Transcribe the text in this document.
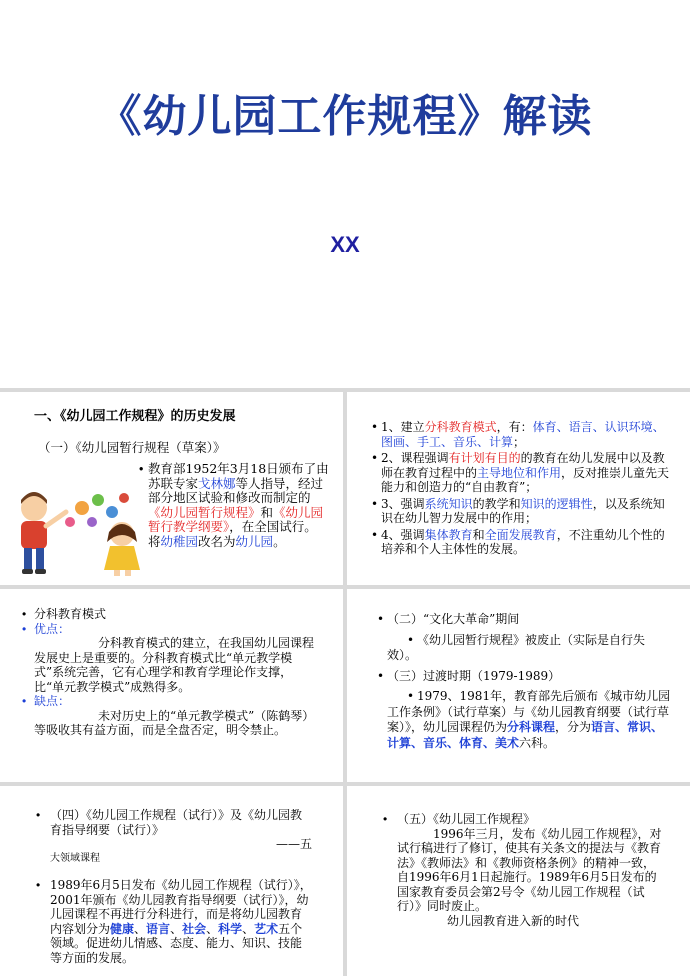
《幼儿园工作规程》解读
XX
一、《幼儿园工作规程》的历史发展
（一）《幼儿园暂行规程（草案）》
• 教育部1952年3月18日颁布了由苏联专家戈林娜等人指导，经过部分地区试验和修改而制定的《幼儿园暂行规程》和《幼儿园暂行教学纲要》，在全国试行。
将幼稚园改名为幼儿园。
• 1、建立分科教育模式，有：体育、语言、认识环境、图画、手工、音乐、计算；
• 2、课程强调有计划有目的的教育在幼儿发展中以及教师在教育过程中的主导地位和作用，反对推崇儿童先天能力和创造力的“自由教育”；
• 3、强调系统知识的教学和知识的逻辑性，以及系统知识在幼儿智力发展中的作用；
• 4、强调集体教育和全面发展教育，不注重幼儿个性的培养和个人主体性的发展。
• 分科教育模式
• 优点：
分科教育模式的建立，在我国幼儿园课程发展史上是重要的。分科教育模式比“单元教学模式”系统完善，它有心理学和教育学理论作支撑，比“单元教学模式”成熟得多。
• 缺点：
未对历史上的“单元教学模式”（陈鹤琴）等吸收其有益方面，而是全盘否定，明令禁止。
• （二）“文化大革命”期间
• 《幼儿园暂行规程》被废止（实际是自行失效）。
• （三）过渡时期（1979-1989）
• 1979、1981年，教育部先后颁布《城市幼儿园工作条例》（试行草案）与《幼儿园教育纲要（试行草案）》，幼儿园课程仍为分科课程，分为语言、常识、计算、音乐、体育、美术六科。
• （四）《幼儿园工作规程（试行）》及《幼儿园教育指导纲要（试行）》
——五
大领域课程
• 1989年6月5日发布《幼儿园工作规程（试行）》，2001年颁布《幼儿园教育指导纲要（试行）》，幼儿园课程不再进行分科进行，而是将幼儿园教育内容划分为健康、语言、社会、科学、艺术五个领域。促进幼儿情感、态度、能力、知识、技能等方面的发展。
• （五）《幼儿园工作规程》
1996年三月，发布《幼儿园工作规程》，对试行稿进行了修订，使其有关条文的提法与《教育法》《教师法》和《教师资格条例》的精神一致，自1996年6月1日起施行。1989年6月5日发布的国家教育委员会第2号令《幼儿园工作规程（试行）》同时废止。
幼儿园教育进入新的时代
